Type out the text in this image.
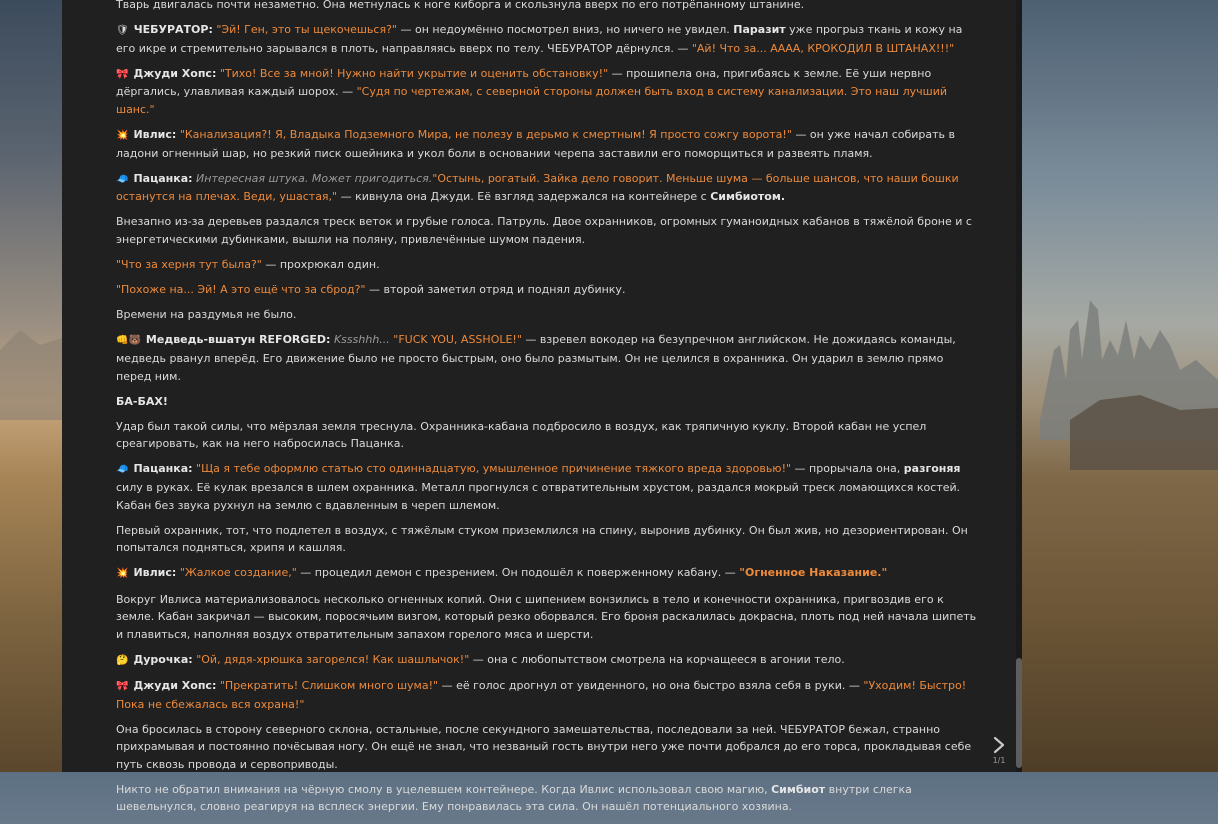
Тварь двигалась почти незаметно. Она метнулась к ноге киборга и скользнула вверх по его потрёпанному штанине.

🛡 ЧЕБУРАТОР: "Эй! Ген, это ты щекочешься?" — он недоумённо посмотрел вниз, но ничего не увидел. Паразит уже прогрыз ткань и кожу на его икре и стремительно зарывался в плоть, направляясь вверх по телу. ЧЕБУРАТОР дёрнулся. — "Ай! Что за... АААА, КРОКОДИЛ В ШТАНАХ!!!"

🎀 Джуди Хопс: "Тихо! Все за мной! Нужно найти укрытие и оценить обстановку!" — прошипела она, пригибаясь к земле. Её уши нервно дёргались, улавливая каждый шорох. — "Судя по чертежам, с северной стороны должен быть вход в систему канализации. Это наш лучший шанс."

💥 Ивлис: "Канализация?! Я, Владыка Подземного Мира, не полезу в дерьмо к смертным! Я просто сожгу ворота!" — он уже начал собирать в ладони огненный шар, но резкий писк ошейника и укол боли в основании черепа заставили его поморщиться и развеять пламя.

🧢 Пацанка: Интересная штука. Может пригодиться."Остынь, рогатый. Зайка дело говорит. Меньше шума — больше шансов, что наши бошки останутся на плечах. Веди, ушастая," — кивнула она Джуди. Её взгляд задержался на контейнере с Симбиотом.

Внезапно из-за деревьев раздался треск веток и грубые голоса. Патруль. Двое охранников, огромных гуманоидных кабанов в тяжёлой броне и с энергетическими дубинками, вышли на поляну, привлечённые шумом падения.

"Что за херня тут была?" — прохрюкал один.

"Похоже на... Эй! А это ещё что за сброд?" — второй заметил отряд и поднял дубинку.

Времени на раздумья не было.

👊🐻 Медведь-вшатун REFORGED: Kssshhh... "FUCK YOU, ASSHOLE!" — взревел вокодер на безупречном английском. Не дожидаясь команды, медведь рванул вперёд. Его движение было не просто быстрым, оно было размытым. Он не целился в охранника. Он ударил в землю прямо перед ним.

БА-БАХ!

Удар был такой силы, что мёрзлая земля треснула. Охранника-кабана подбросило в воздух, как тряпичную куклу. Второй кабан не успел среагировать, как на него набросилась Пацанка.

🧢 Пацанка: "Ща я тебе оформлю статью сто одиннадцатую, умышленное причинение тяжкого вреда здоровью!" — прорычала она, разгоняя силу в руках. Её кулак врезался в шлем охранника. Металл прогнулся с отвратительным хрустом, раздался мокрый треск ломающихся костей. Кабан без звука рухнул на землю с вдавленным в череп шлемом.

Первый охранник, тот, что подлетел в воздух, с тяжёлым стуком приземлился на спину, выронив дубинку. Он был жив, но дезориентирован. Он попытался подняться, хрипя и кашляя.

💥 Ивлис: "Жалкое создание," — процедил демон с презрением. Он подошёл к поверженному кабану. — "Огненное Наказание."

Вокруг Ивлиса материализовалось несколько огненных копий. Они с шипением вонзились в тело и конечности охранника, пригвоздив его к земле. Кабан закричал — высоким, поросячьим визгом, который резко оборвался. Его броня раскалилась докрасна, плоть под ней начала шипеть и плавиться, наполняя воздух отвратительным запахом горелого мяса и шерсти.

🤔 Дурочка: "Ой, дядя-хрюшка загорелся! Как шашлычок!" — она с любопытством смотрела на корчащееся в агонии тело.

🎀 Джуди Хопс: "Прекратить! Слишком много шума!" — её голос дрогнул от увиденного, но она быстро взяла себя в руки. — "Уходим! Быстро! Пока не сбежалась вся охрана!"

Она бросилась в сторону северного склона, остальные, после секундного замешательства, последовали за ней. ЧЕБУРАТОР бежал, странно прихрамывая и постоянно почёсывая ногу. Он ещё не знал, что незваный гость внутри него уже почти добрался до его торса, прокладывая себе путь сквозь провода и сервоприводы.

Никто не обратил внимания на чёрную смолу в уцелевшем контейнере. Когда Ивлис использовал свою магию, Симбиот внутри слегка шевельнулся, словно реагируя на всплеск энергии. Ему понравилась эта сила. Он нашёл потенциального хозяина.

1/1
